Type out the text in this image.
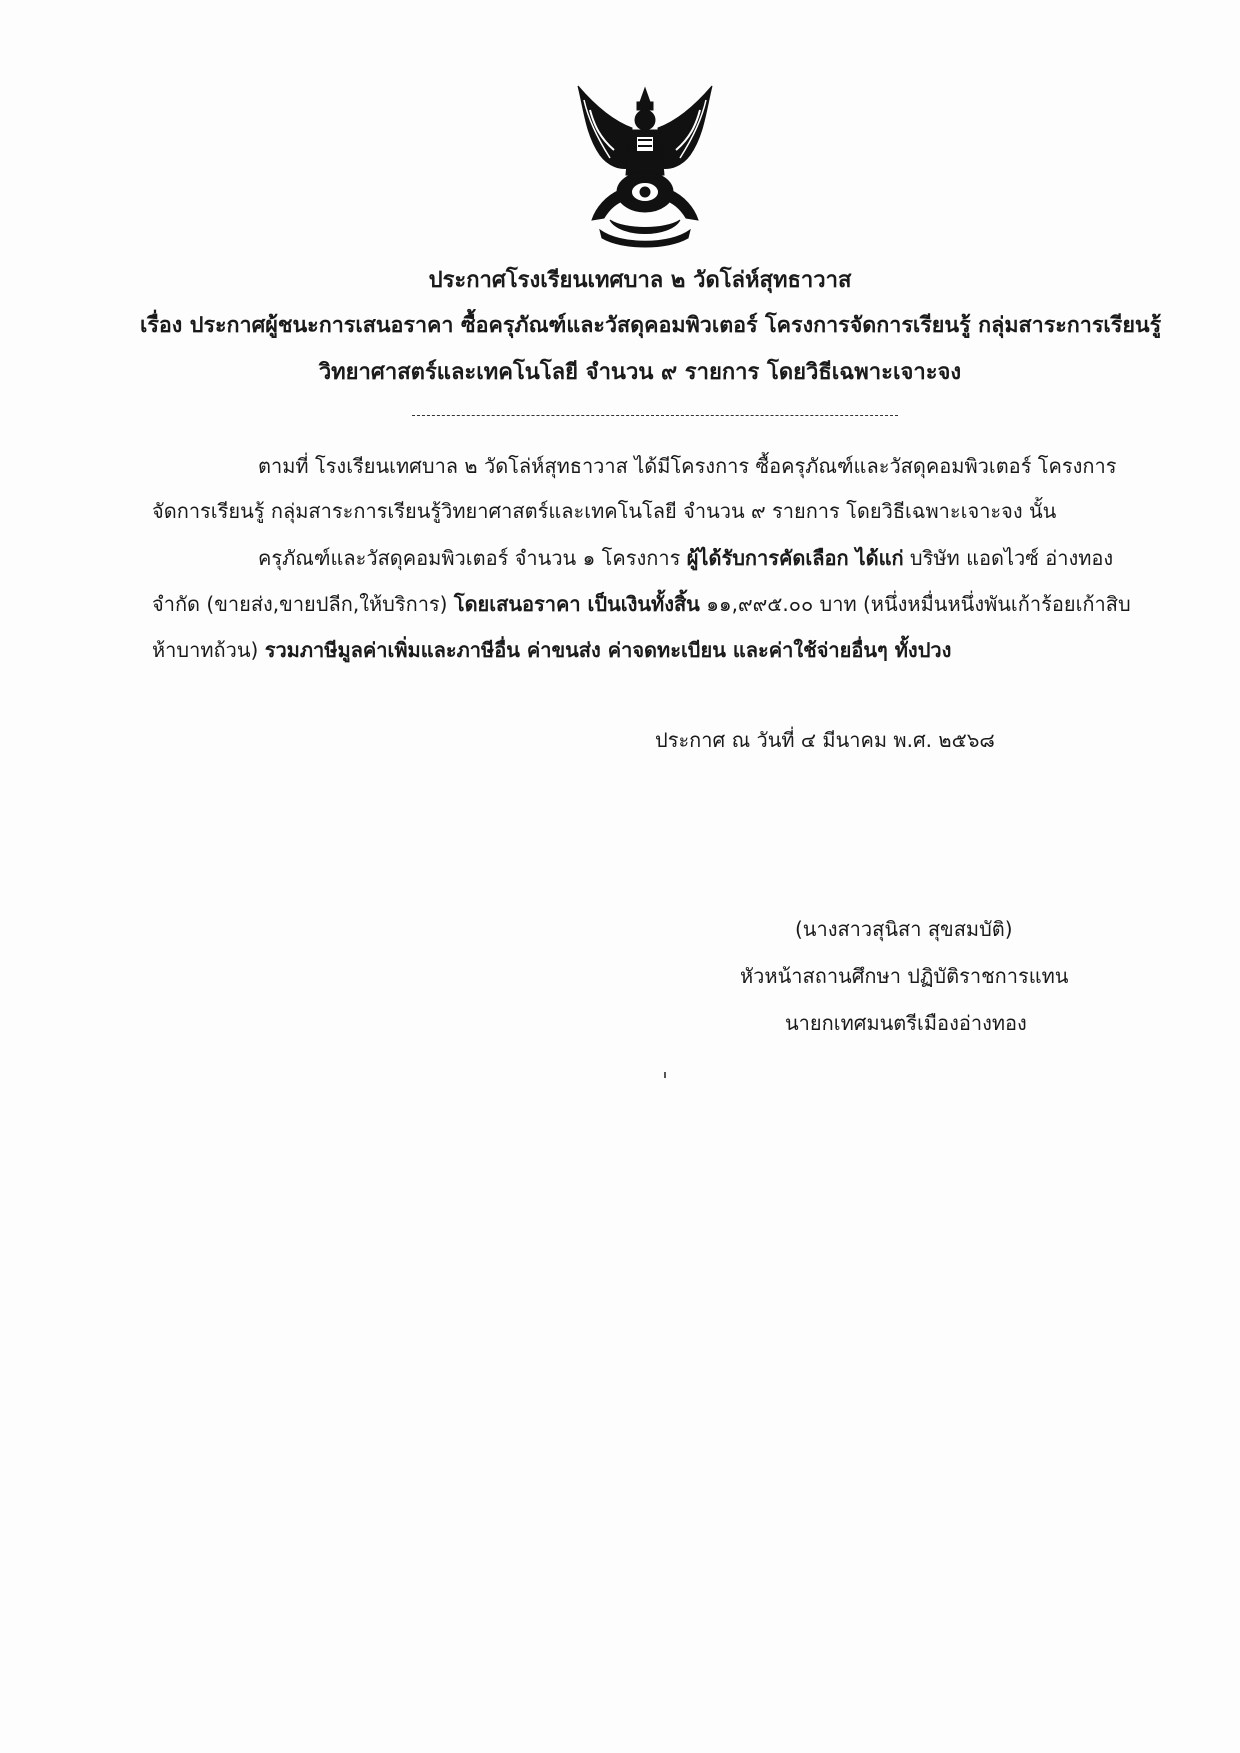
ประกาศโรงเรียนเทศบาล ๒ วัดโล่ห์สุทธาวาส
เรื่อง ประกาศผู้ชนะการเสนอราคา ซื้อครุภัณฑ์และวัสดุคอมพิวเตอร์ โครงการจัดการเรียนรู้ กลุ่มสาระการเรียนรู้
วิทยาศาสตร์และเทคโนโลยี จำนวน ๙ รายการ โดยวิธีเฉพาะเจาะจง
ตามที่ โรงเรียนเทศบาล ๒ วัดโล่ห์สุทธาวาส ได้มีโครงการ ซื้อครุภัณฑ์และวัสดุคอมพิวเตอร์ โครงการ
จัดการเรียนรู้ กลุ่มสาระการเรียนรู้วิทยาศาสตร์และเทคโนโลยี จำนวน ๙ รายการ โดยวิธีเฉพาะเจาะจง นั้น
ครุภัณฑ์และวัสดุคอมพิวเตอร์ จำนวน ๑ โครงการ ผู้ได้รับการคัดเลือก ได้แก่ บริษัท แอดไวซ์ อ่างทอง
จำกัด (ขายส่ง,ขายปลีก,ให้บริการ) โดยเสนอราคา เป็นเงินทั้งสิ้น ๑๑,๙๙๕.๐๐ บาท (หนึ่งหมื่นหนึ่งพันเก้าร้อยเก้าสิบ
ห้าบาทถ้วน) รวมภาษีมูลค่าเพิ่มและภาษีอื่น ค่าขนส่ง ค่าจดทะเบียน และค่าใช้จ่ายอื่นๆ ทั้งปวง
ประกาศ ณ วันที่ ๔ มีนาคม พ.ศ. ๒๕๖๘
(นางสาวสุนิสา สุขสมบัติ)
หัวหน้าสถานศึกษา ปฏิบัติราชการแทน
นายกเทศมนตรีเมืองอ่างทอง
